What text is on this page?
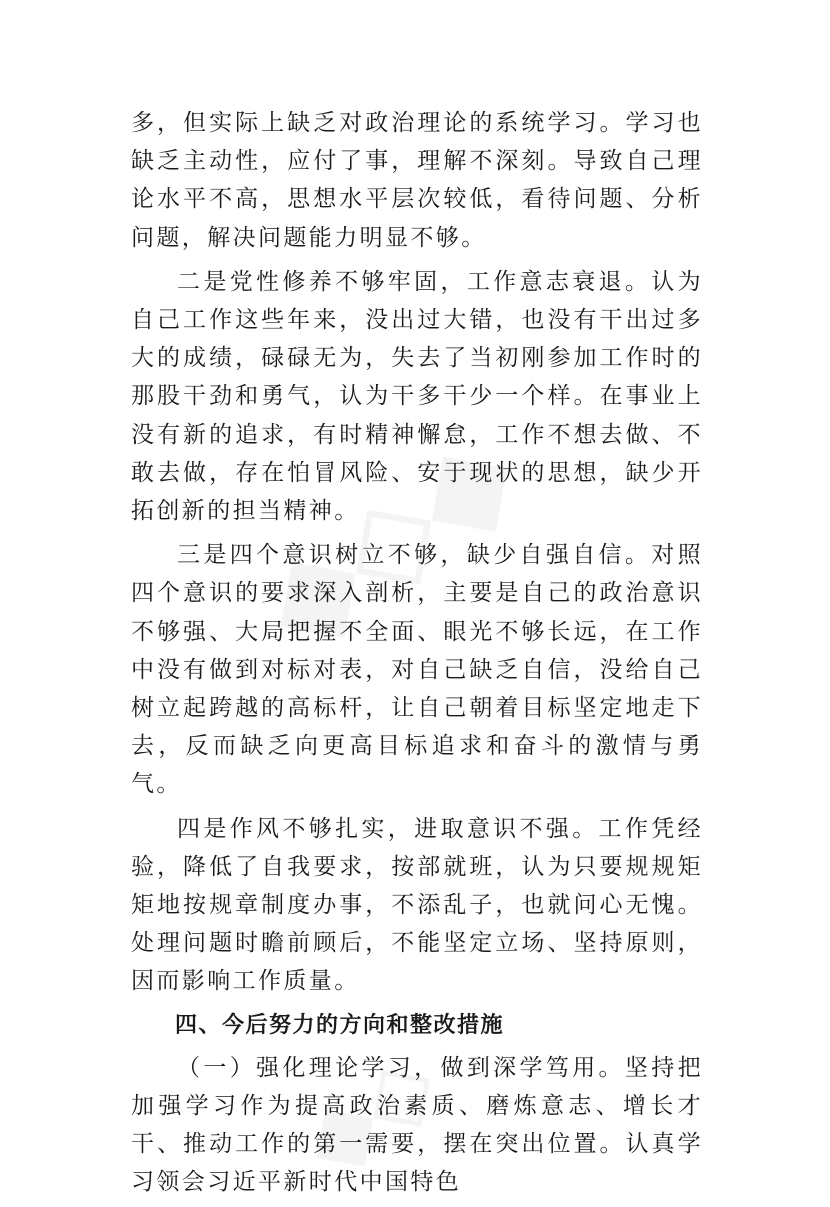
多，但实际上缺乏对政治理论的系统学习。学习也缺乏主动性，应付了事，理解不深刻。导致自己理论水平不高，思想水平层次较低，看待问题、分析问题，解决问题能力明显不够。

二是党性修养不够牢固，工作意志衰退。认为自己工作这些年来，没出过大错，也没有干出过多大的成绩，碌碌无为，失去了当初刚参加工作时的那股干劲和勇气，认为干多干少一个样。在事业上没有新的追求，有时精神懈怠，工作不想去做、不敢去做，存在怕冒风险、安于现状的思想，缺少开拓创新的担当精神。

三是四个意识树立不够，缺少自强自信。对照四个意识的要求深入剖析，主要是自己的政治意识不够强、大局把握不全面、眼光不够长远，在工作中没有做到对标对表，对自己缺乏自信，没给自己树立起跨越的高标杆，让自己朝着目标坚定地走下去，反而缺乏向更高目标追求和奋斗的激情与勇气。

四是作风不够扎实，进取意识不强。工作凭经验，降低了自我要求，按部就班，认为只要规规矩矩地按规章制度办事，不添乱子，也就问心无愧。处理问题时瞻前顾后，不能坚定立场、坚持原则，因而影响工作质量。

四、今后努力的方向和整改措施

（一）强化理论学习，做到深学笃用。坚持把加强学习作为提高政治素质、磨炼意志、增长才干、推动工作的第一需要，摆在突出位置。认真学习领会习近平新时代中国特色
